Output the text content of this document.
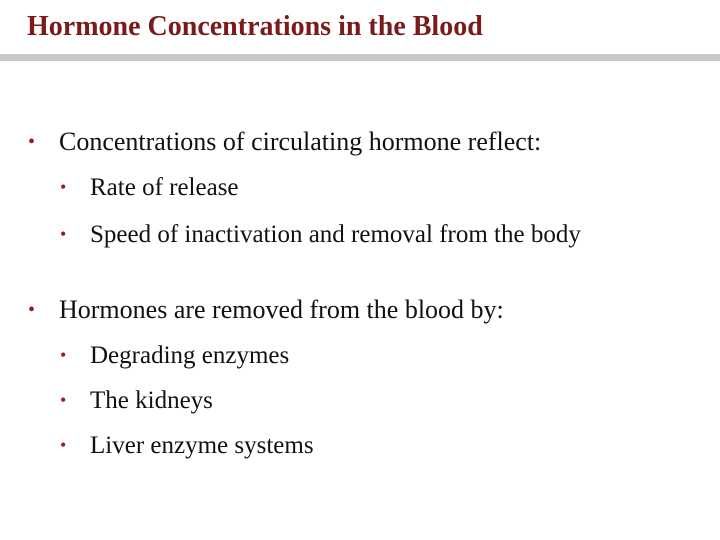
Hormone Concentrations in the Blood
• Concentrations of circulating hormone reflect:
• Rate of release
• Speed of inactivation and removal from the body
• Hormones are removed from the blood by:
• Degrading enzymes
• The kidneys
• Liver enzyme systems
